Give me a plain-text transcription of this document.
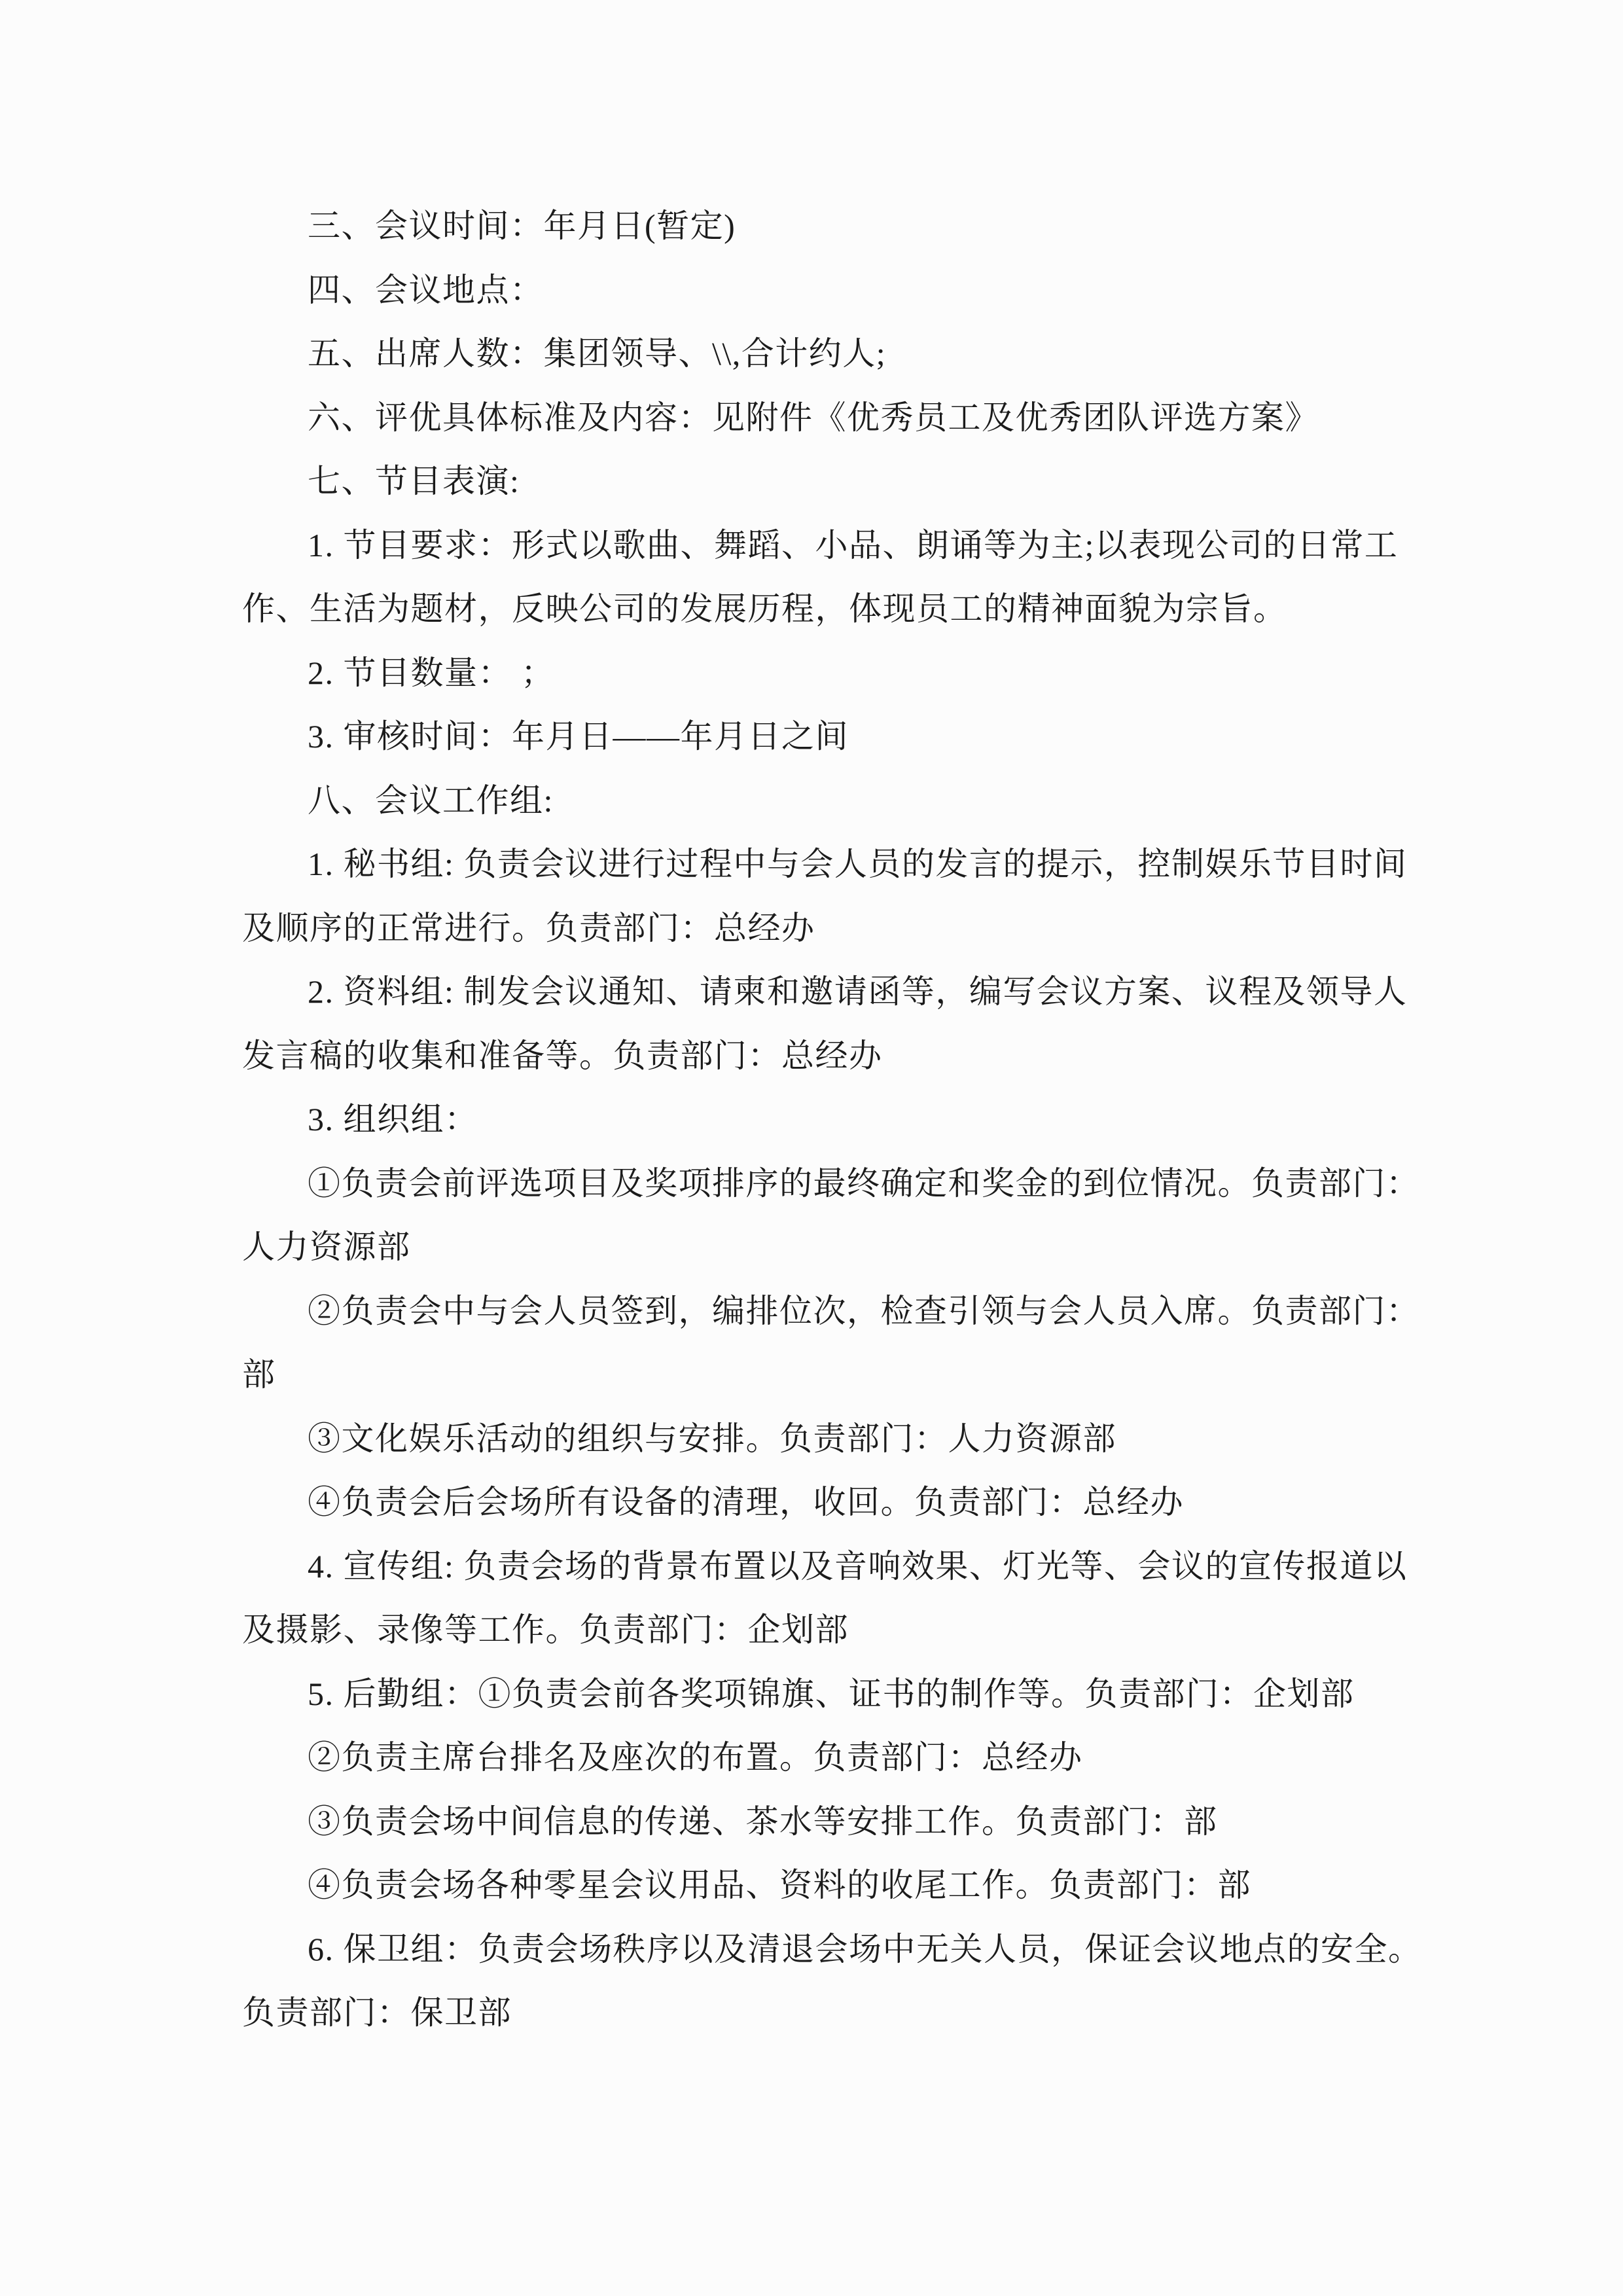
三、会议时间：年月日(暂定)
四、会议地点：
五、出席人数：集团领导、\\,合计约人;
六、评优具体标准及内容：见附件《优秀员工及优秀团队评选方案》
七、节目表演:
1. 节目要求：形式以歌曲、舞蹈、小品、朗诵等为主;以表现公司的日常工
作、生活为题材，反映公司的发展历程，体现员工的精神面貌为宗旨。
2. 节目数量： ；
3. 审核时间：年月日——年月日之间
八、会议工作组:
1. 秘书组: 负责会议进行过程中与会人员的发言的提示，控制娱乐节目时间
及顺序的正常进行。负责部门：总经办
2. 资料组: 制发会议通知、请柬和邀请函等，编写会议方案、议程及领导人
发言稿的收集和准备等。负责部门：总经办
3. 组织组：
①负责会前评选项目及奖项排序的最终确定和奖金的到位情况。负责部门：
人力资源部
②负责会中与会人员签到，编排位次，检查引领与会人员入席。负责部门：
部
③文化娱乐活动的组织与安排。负责部门：人力资源部
④负责会后会场所有设备的清理，收回。负责部门：总经办
4. 宣传组: 负责会场的背景布置以及音响效果、灯光等、会议的宣传报道以
及摄影、录像等工作。负责部门：企划部
5. 后勤组：①负责会前各奖项锦旗、证书的制作等。负责部门：企划部
②负责主席台排名及座次的布置。负责部门：总经办
③负责会场中间信息的传递、茶水等安排工作。负责部门：部
④负责会场各种零星会议用品、资料的收尾工作。负责部门：部
6. 保卫组：负责会场秩序以及清退会场中无关人员，保证会议地点的安全。
负责部门：保卫部
